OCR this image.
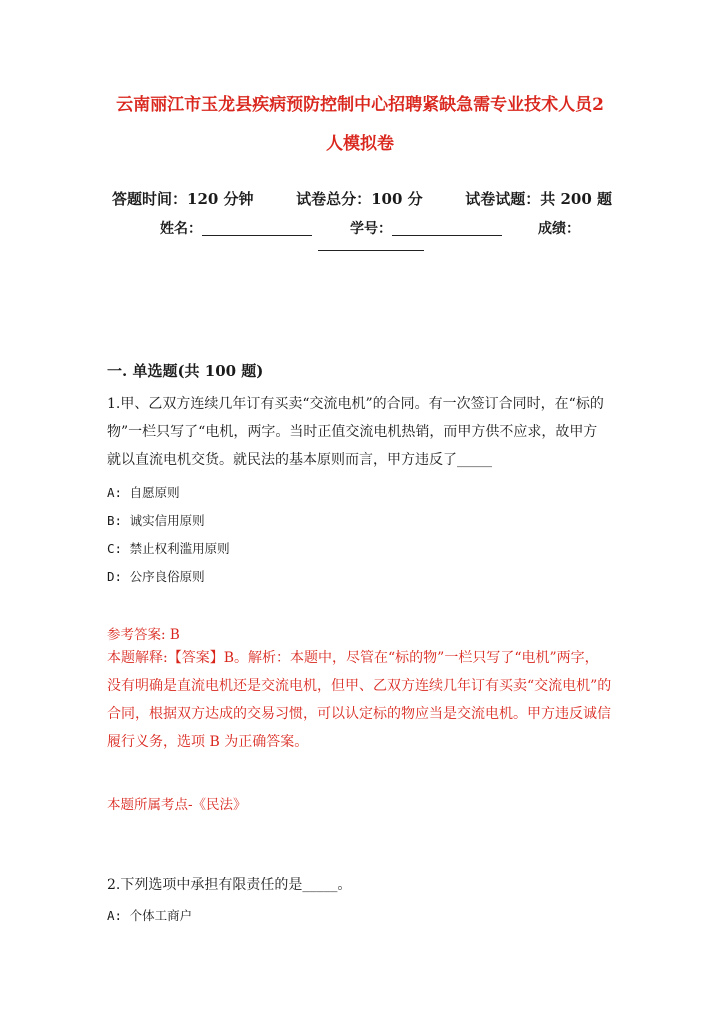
云南丽江市玉龙县疾病预防控制中心招聘紧缺急需专业技术人员2
人模拟卷
答题时间：120 分钟	试卷总分：100 分	试卷试题：共 200 题
姓名：	学号：	成绩：
一. 单选题(共 100 题)
1.甲、乙双方连续几年订有买卖“交流电机”的合同。有一次签订合同时，在“标的物”一栏只写了“电机，两字。当时正值交流电机热销，而甲方供不应求，故甲方就以直流电机交货。就民法的基本原则而言，甲方违反了_____
A: 自愿原则
B: 诚实信用原则
C: 禁止权利滥用原则
D: 公序良俗原则
参考答案: B
本题解释:【答案】B。解析：本题中，尽管在“标的物”一栏只写了“电机”两字，没有明确是直流电机还是交流电机，但甲、乙双方连续几年订有买卖“交流电机”的合同，根据双方达成的交易习惯，可以认定标的物应当是交流电机。甲方违反诚信履行义务，选项 B 为正确答案。
本题所属考点-《民法》
2.下列选项中承担有限责任的是_____。
A: 个体工商户
